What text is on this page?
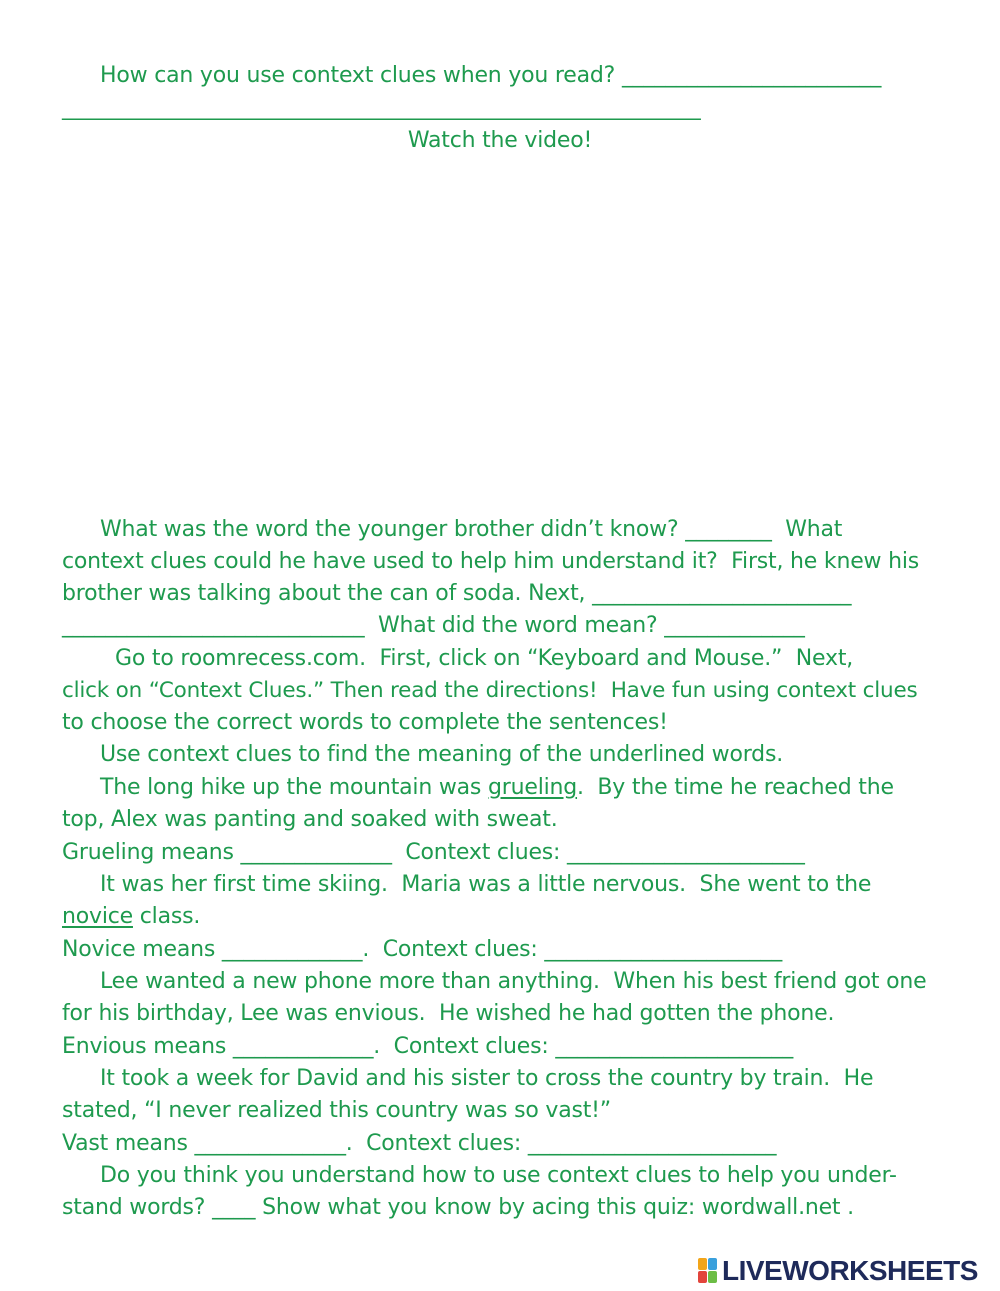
How can you use context clues when you read? ________________________
______________________________________________________________
Watch the video!
What was the word the younger brother didn’t know? ________  What
context clues could he have used to help him understand it?  First, he knew his
brother was talking about the can of soda. Next, ________________________
____________________________  What did the word mean? _____________
Go to roomrecess.com.  First, click on “Keyboard and Mouse.”  Next,
click on “Context Clues.” Then read the directions!  Have fun using context clues
to choose the correct words to complete the sentences!
Use context clues to find the meaning of the underlined words.
The long hike up the mountain was grueling.  By the time he reached the
top, Alex was panting and soaked with sweat.
Grueling means ______________  Context clues: ______________________
It was her first time skiing.  Maria was a little nervous.  She went to the
novice class.
Novice means _____________.  Context clues: ______________________
Lee wanted a new phone more than anything.  When his best friend got one
for his birthday, Lee was envious.  He wished he had gotten the phone.
Envious means _____________.  Context clues: ______________________
It took a week for David and his sister to cross the country by train.  He
stated, “I never realized this country was so vast!”
Vast means ______________.  Context clues: _______________________
Do you think you understand how to use context clues to help you under-
stand words? ____ Show what you know by acing this quiz: wordwall.net .
LIVEWORKSHEETS
